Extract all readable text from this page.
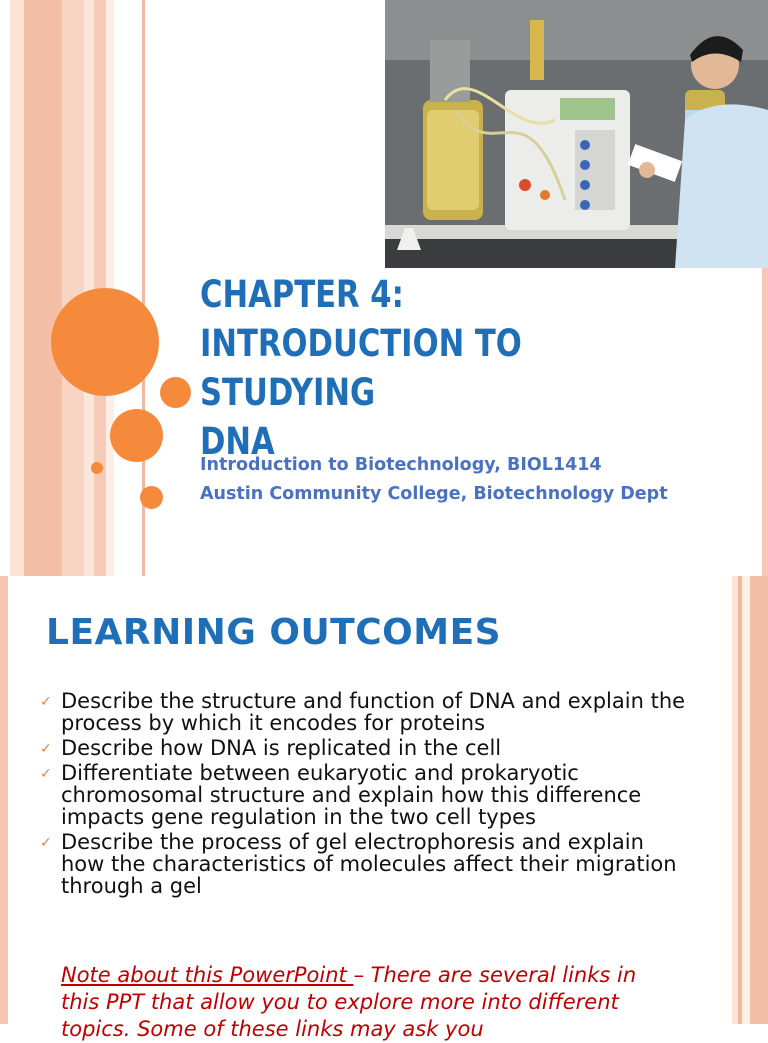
CHAPTER 4:
INTRODUCTION TO STUDYING
DNA
Introduction to Biotechnology, BIOL1414
Austin Community College, Biotechnology Dept
LEARNING OUTCOMES
✓ Describe the structure and function of DNA and explain the process by which it encodes for proteins
✓ Describe how DNA is replicated in the cell
✓ Differentiate between eukaryotic and prokaryotic chromosomal structure and explain how this difference impacts gene regulation in the two cell types
✓ Describe the process of gel electrophoresis and explain how the characteristics of molecules affect their migration through a gel

Note about this PowerPoint – There are several links in this PPT that allow you to explore more into different topics. Some of these links may ask you
